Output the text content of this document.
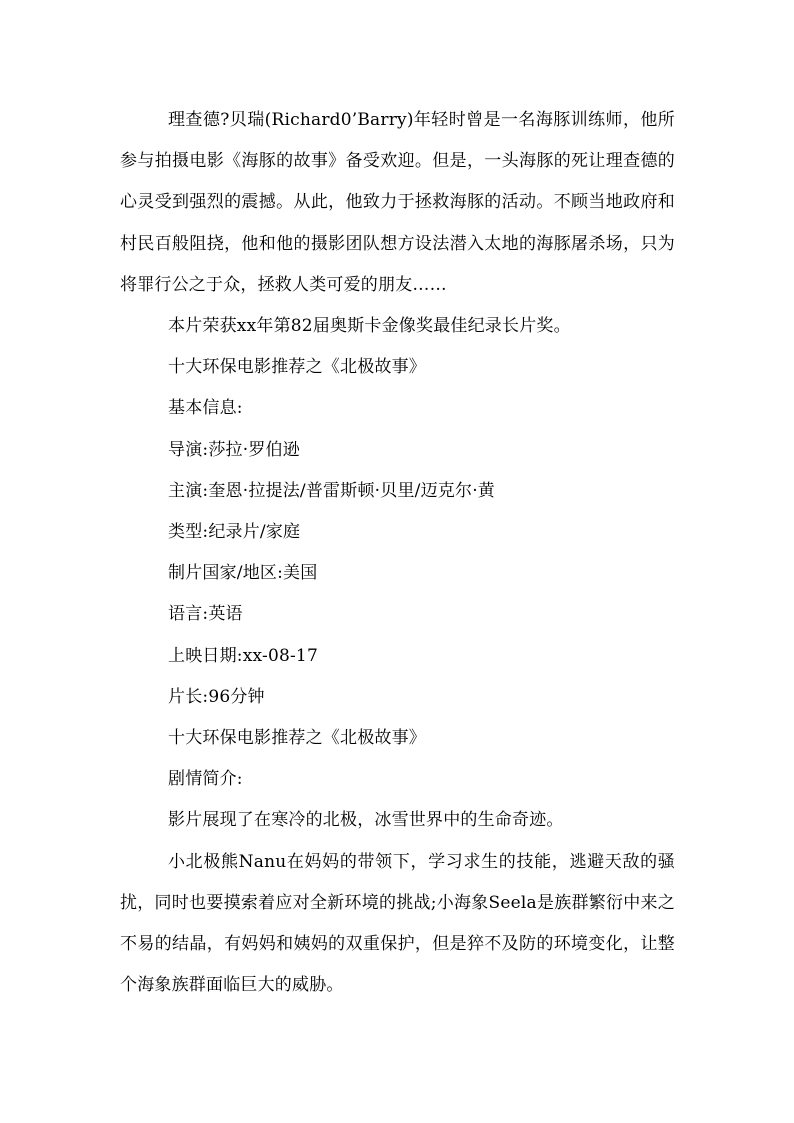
理查德?贝瑞(Richard0’Barry)年轻时曾是一名海豚训练师，他所参与拍摄电影《海豚的故事》备受欢迎。但是，一头海豚的死让理查德的心灵受到强烈的震撼。从此，他致力于拯救海豚的活动。不顾当地政府和村民百般阻挠，他和他的摄影团队想方设法潜入太地的海豚屠杀场，只为将罪行公之于众，拯救人类可爱的朋友……

本片荣获xx年第82届奥斯卡金像奖最佳纪录长片奖。

十大环保电影推荐之《北极故事》

基本信息:

导演:莎拉·罗伯逊

主演:奎恩·拉提法/普雷斯顿·贝里/迈克尔·黄

类型:纪录片/家庭

制片国家/地区:美国

语言:英语

上映日期:xx-08-17

片长:96分钟

十大环保电影推荐之《北极故事》

剧情简介:

影片展现了在寒冷的北极，冰雪世界中的生命奇迹。

小北极熊Nanu在妈妈的带领下，学习求生的技能，逃避天敌的骚扰，同时也要摸索着应对全新环境的挑战;小海象Seela是族群繁衍中来之不易的结晶，有妈妈和姨妈的双重保护，但是猝不及防的环境变化，让整个海象族群面临巨大的威胁。
